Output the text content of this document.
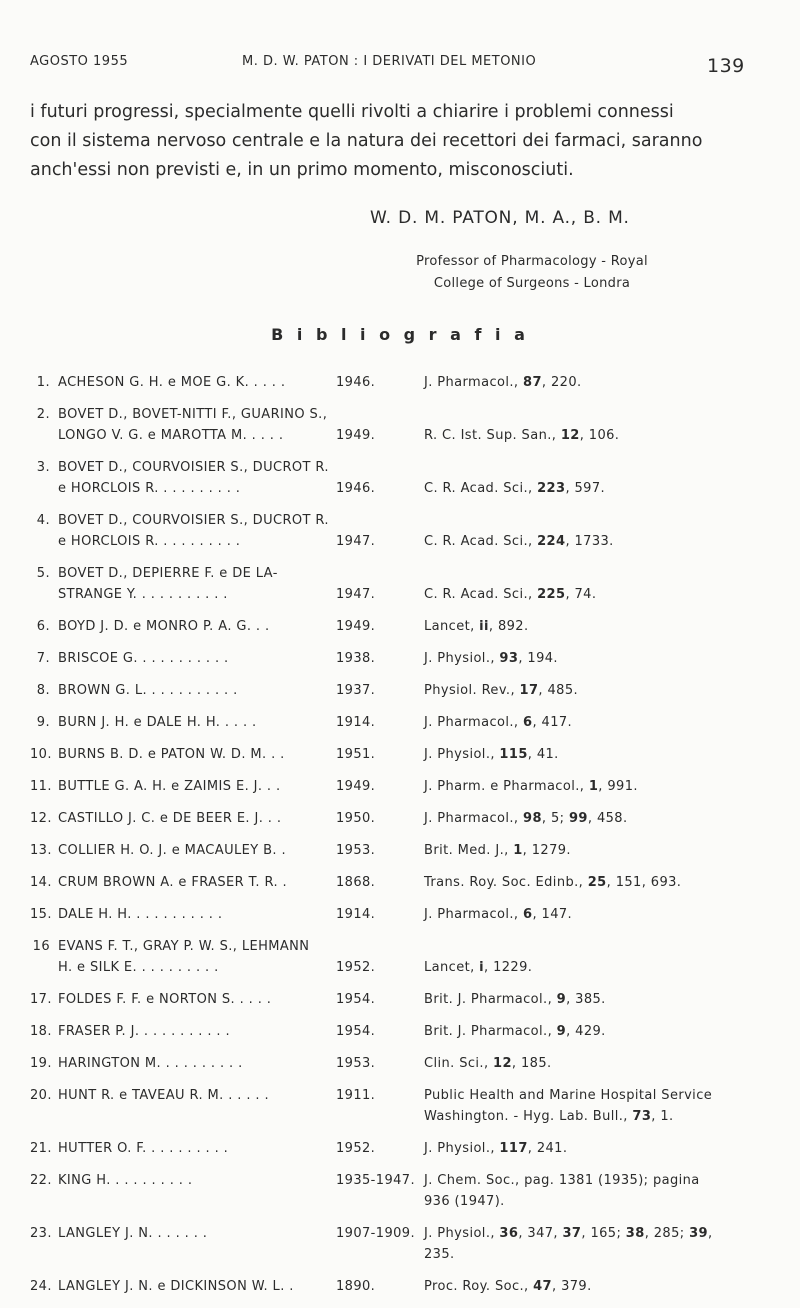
AGOSTO 1955	M. D. W. PATON : I DERIVATI DEL METONIO	139
i futuri progressi, specialmente quelli rivolti a chiarire i problemi connessi
con il sistema nervoso centrale e la natura dei recettori dei farmaci, saranno
anch'essi non previsti e, in un primo momento, misconosciuti.
W. D. M. PATON, M. A., B. M.
Professor of Pharmacology - Royal
College of Surgeons - Londra
B i b l i o g r a f i a
1. ACHESON G. H. e MOE G. K. . . . .	1946.	J. Pharmacol., 87, 220.
2. BOVET D., BOVET-NITTI F., GUARINO S.,
LONGO V. G. e MAROTTA M. . . . .	1949.	R. C. Ist. Sup. San., 12, 106.
3. BOVET D., COURVOISIER S., DUCROT R.
e HORCLOIS R. . . . . . . . . .	1946.	C. R. Acad. Sci., 223, 597.
4. BOVET D., COURVOISIER S., DUCROT R.
e HORCLOIS R. . . . . . . . . .	1947.	C. R. Acad. Sci., 224, 1733.
5. BOVET D., DEPIERRE F. e DE LA-
STRANGE Y. . . . . . . . . . .	1947.	C. R. Acad. Sci., 225, 74.
6. BOYD J. D. e MONRO P. A. G. . .	1949.	Lancet, ii, 892.
7. BRISCOE G. . . . . . . . . . .	1938.	J. Physiol., 93, 194.
8. BROWN G. L. . . . . . . . . . .	1937.	Physiol. Rev., 17, 485.
9. BURN J. H. e DALE H. H. . . . .	1914.	J. Pharmacol., 6, 417.
10. BURNS B. D. e PATON W. D. M. . .	1951.	J. Physiol., 115, 41.
11. BUTTLE G. A. H. e ZAIMIS E. J. . .	1949.	J. Pharm. e Pharmacol., 1, 991.
12. CASTILLO J. C. e DE BEER E. J. . .	1950.	J. Pharmacol., 98, 5; 99, 458.
13. COLLIER H. O. J. e MACAULEY B. .	1953.	Brit. Med. J., 1, 1279.
14. CRUM BROWN A. e FRASER T. R. .	1868.	Trans. Roy. Soc. Edinb., 25, 151, 693.
15. DALE H. H. . . . . . . . . . .	1914.	J. Pharmacol., 6, 147.
16 EVANS F. T., GRAY P. W. S., LEHMANN
H. e SILK E. . . . . . . . . .	1952.	Lancet, i, 1229.
17. FOLDES F. F. e NORTON S. . . . .	1954.	Brit. J. Pharmacol., 9, 385.
18. FRASER P. J. . . . . . . . . . .	1954.	Brit. J. Pharmacol., 9, 429.
19. HARINGTON M. . . . . . . . . .	1953.	Clin. Sci., 12, 185.
20. HUNT R. e TAVEAU R. M. . . . . .	1911.	Public Health and Marine Hospital Service
Washington. - Hyg. Lab. Bull., 73, 1.
21. HUTTER O. F. . . . . . . . . .	1952.	J. Physiol., 117, 241.
22. KING H. . . . . . . . . .	1935-1947. J. Chem. Soc., pag. 1381 (1935); pagina
936 (1947).
23. LANGLEY J. N. . . . . . .	1907-1909. J. Physiol., 36, 347, 37, 165; 38, 285; 39,
235.
24. LANGLEY J. N. e DICKINSON W. L. .	1890.	Proc. Roy. Soc., 47, 379.
